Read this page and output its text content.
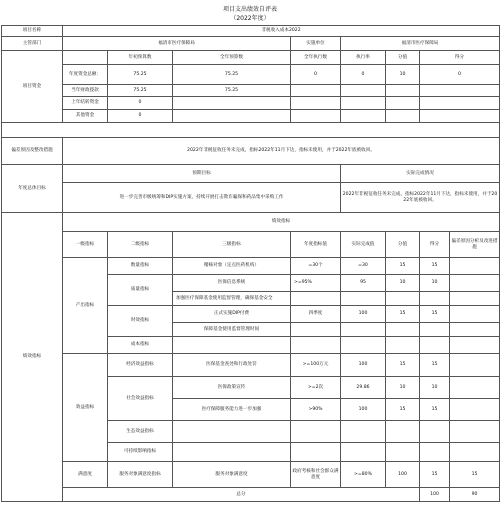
项目支出绩效自评表
（2022年度）
项目名称	非税收入成本2022								
主管部门	福清市医疗保障局			实施单位	福清市医疗保障局				
项目资金		年初预算数	全年预算数	全年执行数	执行率	分值	得分		
	年度资金总额：	75.25	75.25	0	0	10	0		
	当年财政拨款	75.25	75.25						
	上年结转资金	0							
	其他资金	0							

偏差原因及整改措施	2022年非税征收任务未完成，指标2022年11月下达，指标未使用，并于2022年底被收回。								
年度总体目标	预期目标				实际完成情况				
	进一步完善市级统筹和DIP实施方案，持续开展打击欺诈骗保和药品集中采购工作				2022年非税征收任务未完成，指标2022年11月下达，指标未使用，并于2022年底被收回。				
绩效指标	绩效指标								
	一级指标	二级指标	三级指标	年度指标值	实际完成值	分值	得分	偏差原因分析及改进措施	
	产出指标	数量指标	稽核对象（定点医药机构）	=30个	=30	15	15		
		质量指标	医保信息系统	>=95%	95	10	10		
			加强医疗保障基金使用监督管理，确保基金安全						
		时效指标	正式实施DIP付费	四季度	100	15	15		
			保障基金使用监督管理时间						
		成本指标							
	效益指标	经济效益指标	医保基金查处和行政处罚	>=100万元	100	15	15		
		社会效益指标	医保政策宣传	>=2次	29.86	10	10		
			医疗保障服务能力进一步加强	>90%	100	15	15		
		生态效益指标							
		可持续影响指标							
	满意度	服务对象满意度指标	服务对象满意度	政府考核和社会群众满意度	>=80%	100	15	15	
	总分						100	90	
